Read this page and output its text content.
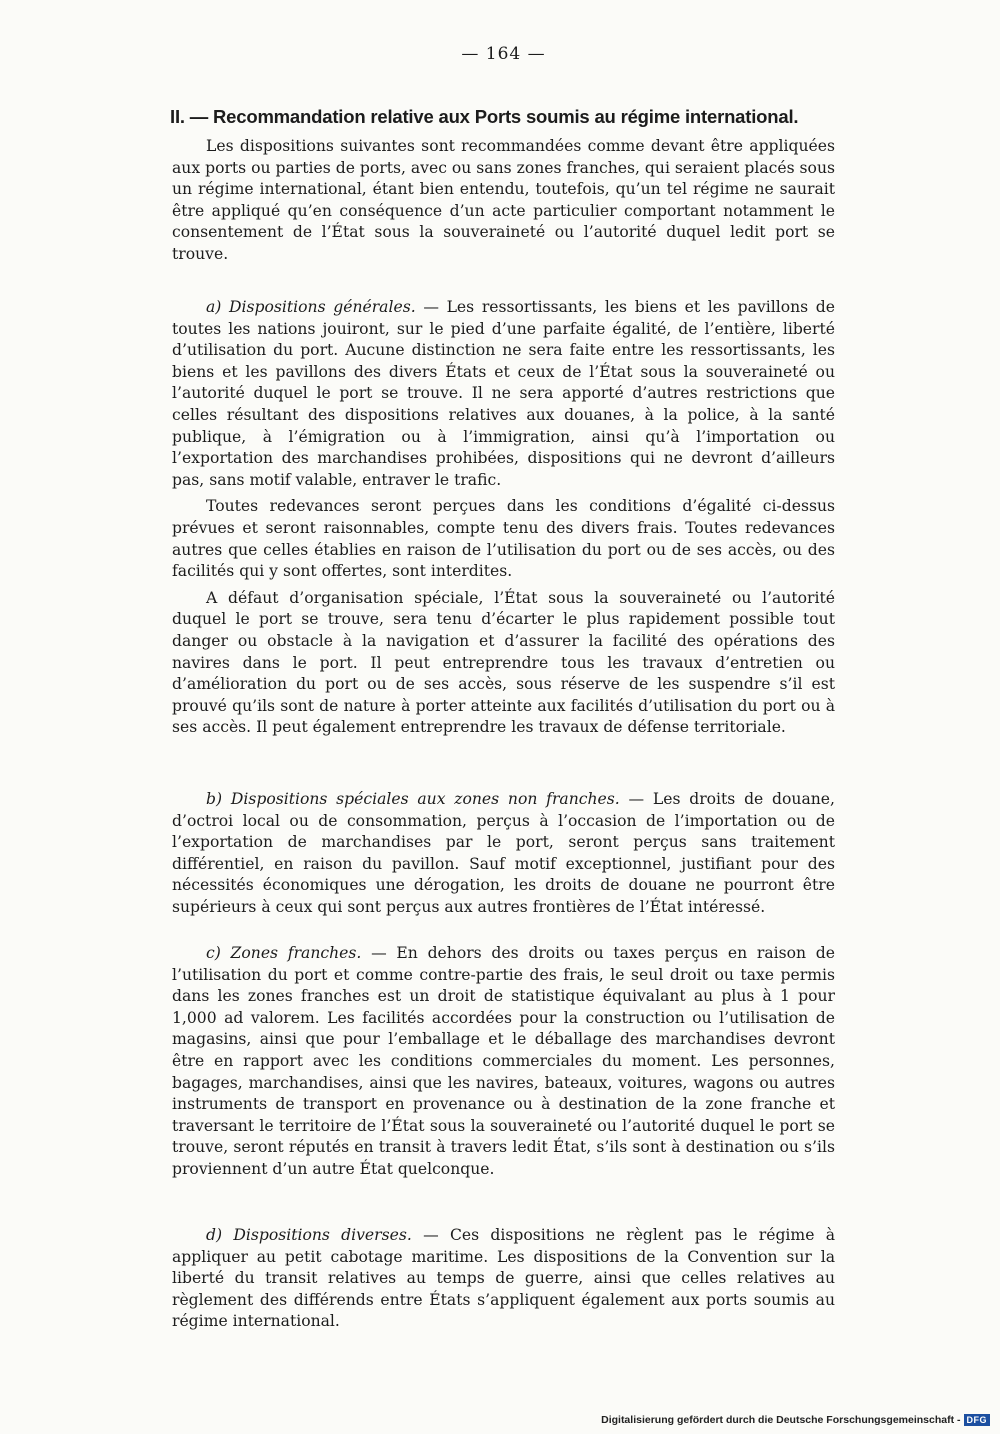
— 164 —
II. — Recommandation relative aux Ports soumis au régime international.

Les dispositions suivantes sont recommandées comme devant être appliquées aux ports ou parties de ports, avec ou sans zones franches, qui seraient placés sous un régime international, étant bien entendu, toutefois, qu’un tel régime ne saurait être appliqué qu’en conséquence d’un acte particulier comportant notamment le consentement de l’État sous la souveraineté ou l’autorité duquel ledit port se trouve.

a) Dispositions générales. — Les ressortissants, les biens et les pavillons de toutes les nations jouiront, sur le pied d’une parfaite égalité, de l’entière, liberté d’utilisation du port. Aucune distinction ne sera faite entre les ressortissants, les biens et les pavillons des divers États et ceux de l’État sous la souveraineté ou l’autorité duquel le port se trouve. Il ne sera apporté d’autres restrictions que celles résultant des dispositions relatives aux douanes, à la police, à la santé publique, à l’émigration ou à l’immigration, ainsi qu’à l’importation ou l’exportation des marchandises prohibées, dispositions qui ne devront d’ailleurs pas, sans motif valable, entraver le trafic.

Toutes redevances seront perçues dans les conditions d’égalité ci-dessus prévues et seront raisonnables, compte tenu des divers frais. Toutes redevances autres que celles établies en raison de l’utilisation du port ou de ses accès, ou des facilités qui y sont offertes, sont interdites.

A défaut d’organisation spéciale, l’État sous la souveraineté ou l’autorité duquel le port se trouve, sera tenu d’écarter le plus rapidement possible tout danger ou obstacle à la navigation et d’assurer la facilité des opérations des navires dans le port. Il peut entreprendre tous les travaux d’entretien ou d’amélioration du port ou de ses accès, sous réserve de les suspendre s’il est prouvé qu’ils sont de nature à porter atteinte aux facilités d’utilisation du port ou à ses accès. Il peut également entreprendre les travaux de défense territoriale.

b) Dispositions spéciales aux zones non franches. — Les droits de douane, d’octroi local ou de consommation, perçus à l’occasion de l’importation ou de l’exportation de marchandises par le port, seront perçus sans traitement différentiel, en raison du pavillon. Sauf motif exceptionnel, justifiant pour des nécessités économiques une dérogation, les droits de douane ne pourront être supérieurs à ceux qui sont perçus aux autres frontières de l’État intéressé.

c) Zones franches. — En dehors des droits ou taxes perçus en raison de l’utilisation du port et comme contre-partie des frais, le seul droit ou taxe permis dans les zones franches est un droit de statistique équivalant au plus à 1 pour 1,000 ad valorem. Les facilités accordées pour la construction ou l’utilisation de magasins, ainsi que pour l’emballage et le déballage des marchandises devront être en rapport avec les conditions commerciales du moment. Les personnes, bagages, marchandises, ainsi que les navires, bateaux, voitures, wagons ou autres instruments de transport en provenance ou à destination de la zone franche et traversant le territoire de l’État sous la souveraineté ou l’autorité duquel le port se trouve, seront réputés en transit à travers ledit État, s’ils sont à destination ou s’ils proviennent d’un autre État quelconque.

d) Dispositions diverses. — Ces dispositions ne règlent pas le régime à appliquer au petit cabotage maritime. Les dispositions de la Convention sur la liberté du transit relatives au temps de guerre, ainsi que celles relatives au règlement des différends entre États s’appliquent également aux ports soumis au régime international.

Digitalisierung gefördert durch die Deutsche Forschungsgemeinschaft - DFG
